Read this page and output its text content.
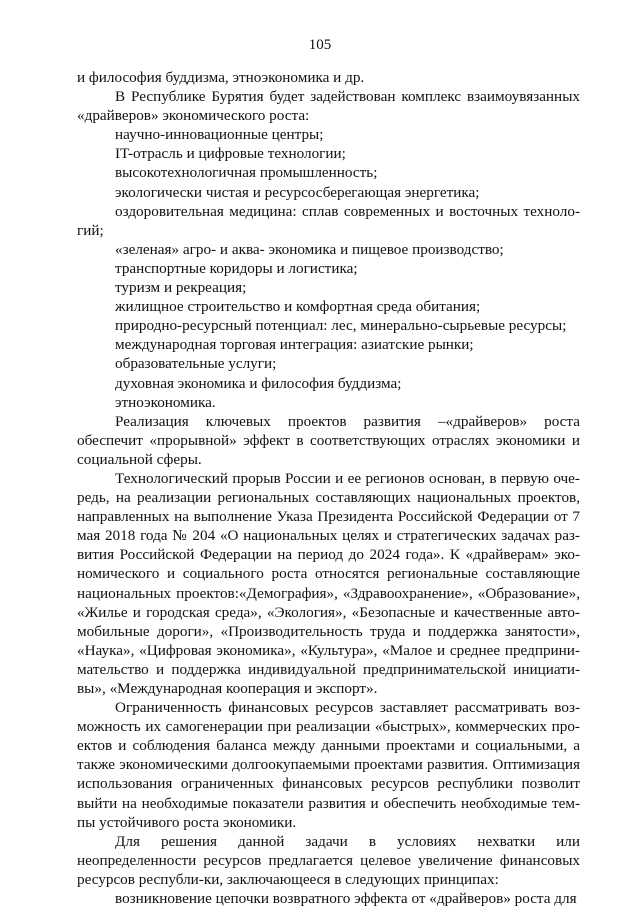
105

и философия буддизма, этноэкономика и др.

В Республике Бурятия будет задействован комплекс взаимоувязанных «драйверов» экономического роста:

научно-инновационные центры;

IT-отрасль и цифровые технологии;

высокотехнологичная промышленность;

экологически чистая и ресурсосберегающая энергетика;

оздоровительная медицина: сплав современных и восточных техноло-гий;

«зеленая» агро- и аква- экономика и пищевое производство;

транспортные коридоры и логистика;

туризм и рекреация;

жилищное строительство и комфортная среда обитания;

природно-ресурсный потенциал: лес, минерально-сырьевые ресурсы;

международная торговая интеграция: азиатские рынки;

образовательные услуги;

духовная экономика и философия буддизма;

этноэкономика.

Реализация ключевых проектов развития –«драйверов» роста обеспечит «прорывной» эффект в соответствующих отраслях экономики и социальной сферы.

Технологический прорыв России и ее регионов основан, в первую оче-редь, на реализации региональных составляющих национальных проектов, направленных на выполнение Указа Президента Российской Федерации от 7 мая 2018 года № 204 «О национальных целях и стратегических задачах раз-вития Российской Федерации на период до 2024 года». К «драйверам» эко-номического и социального роста относятся региональные составляющие национальных проектов:«Демография», «Здравоохранение», «Образование», «Жилье и городская среда», «Экология», «Безопасные и качественные авто-мобильные дороги», «Производительность труда и поддержка занятости», «Наука», «Цифровая экономика», «Культура», «Малое и среднее предприни-мательство и поддержка индивидуальной предпринимательской инициати-вы», «Международная кооперация и экспорт».

Ограниченность финансовых ресурсов заставляет рассматривать воз-можность их самогенерации при реализации «быстрых», коммерческих про-ектов и соблюдения баланса между данными проектами и социальными, а также экономическими долгоокупаемыми проектами развития. Оптимизация использования ограниченных финансовых ресурсов республики позволит выйти на необходимые показатели развития и обеспечить необходимые тем-пы устойчивого роста экономики.

Для решения данной задачи в условиях нехватки или неопределенности ресурсов предлагается целевое увеличение финансовых ресурсов республи-ки, заключающееся в следующих принципах:

возникновение цепочки возвратного эффекта от «драйверов» роста для
